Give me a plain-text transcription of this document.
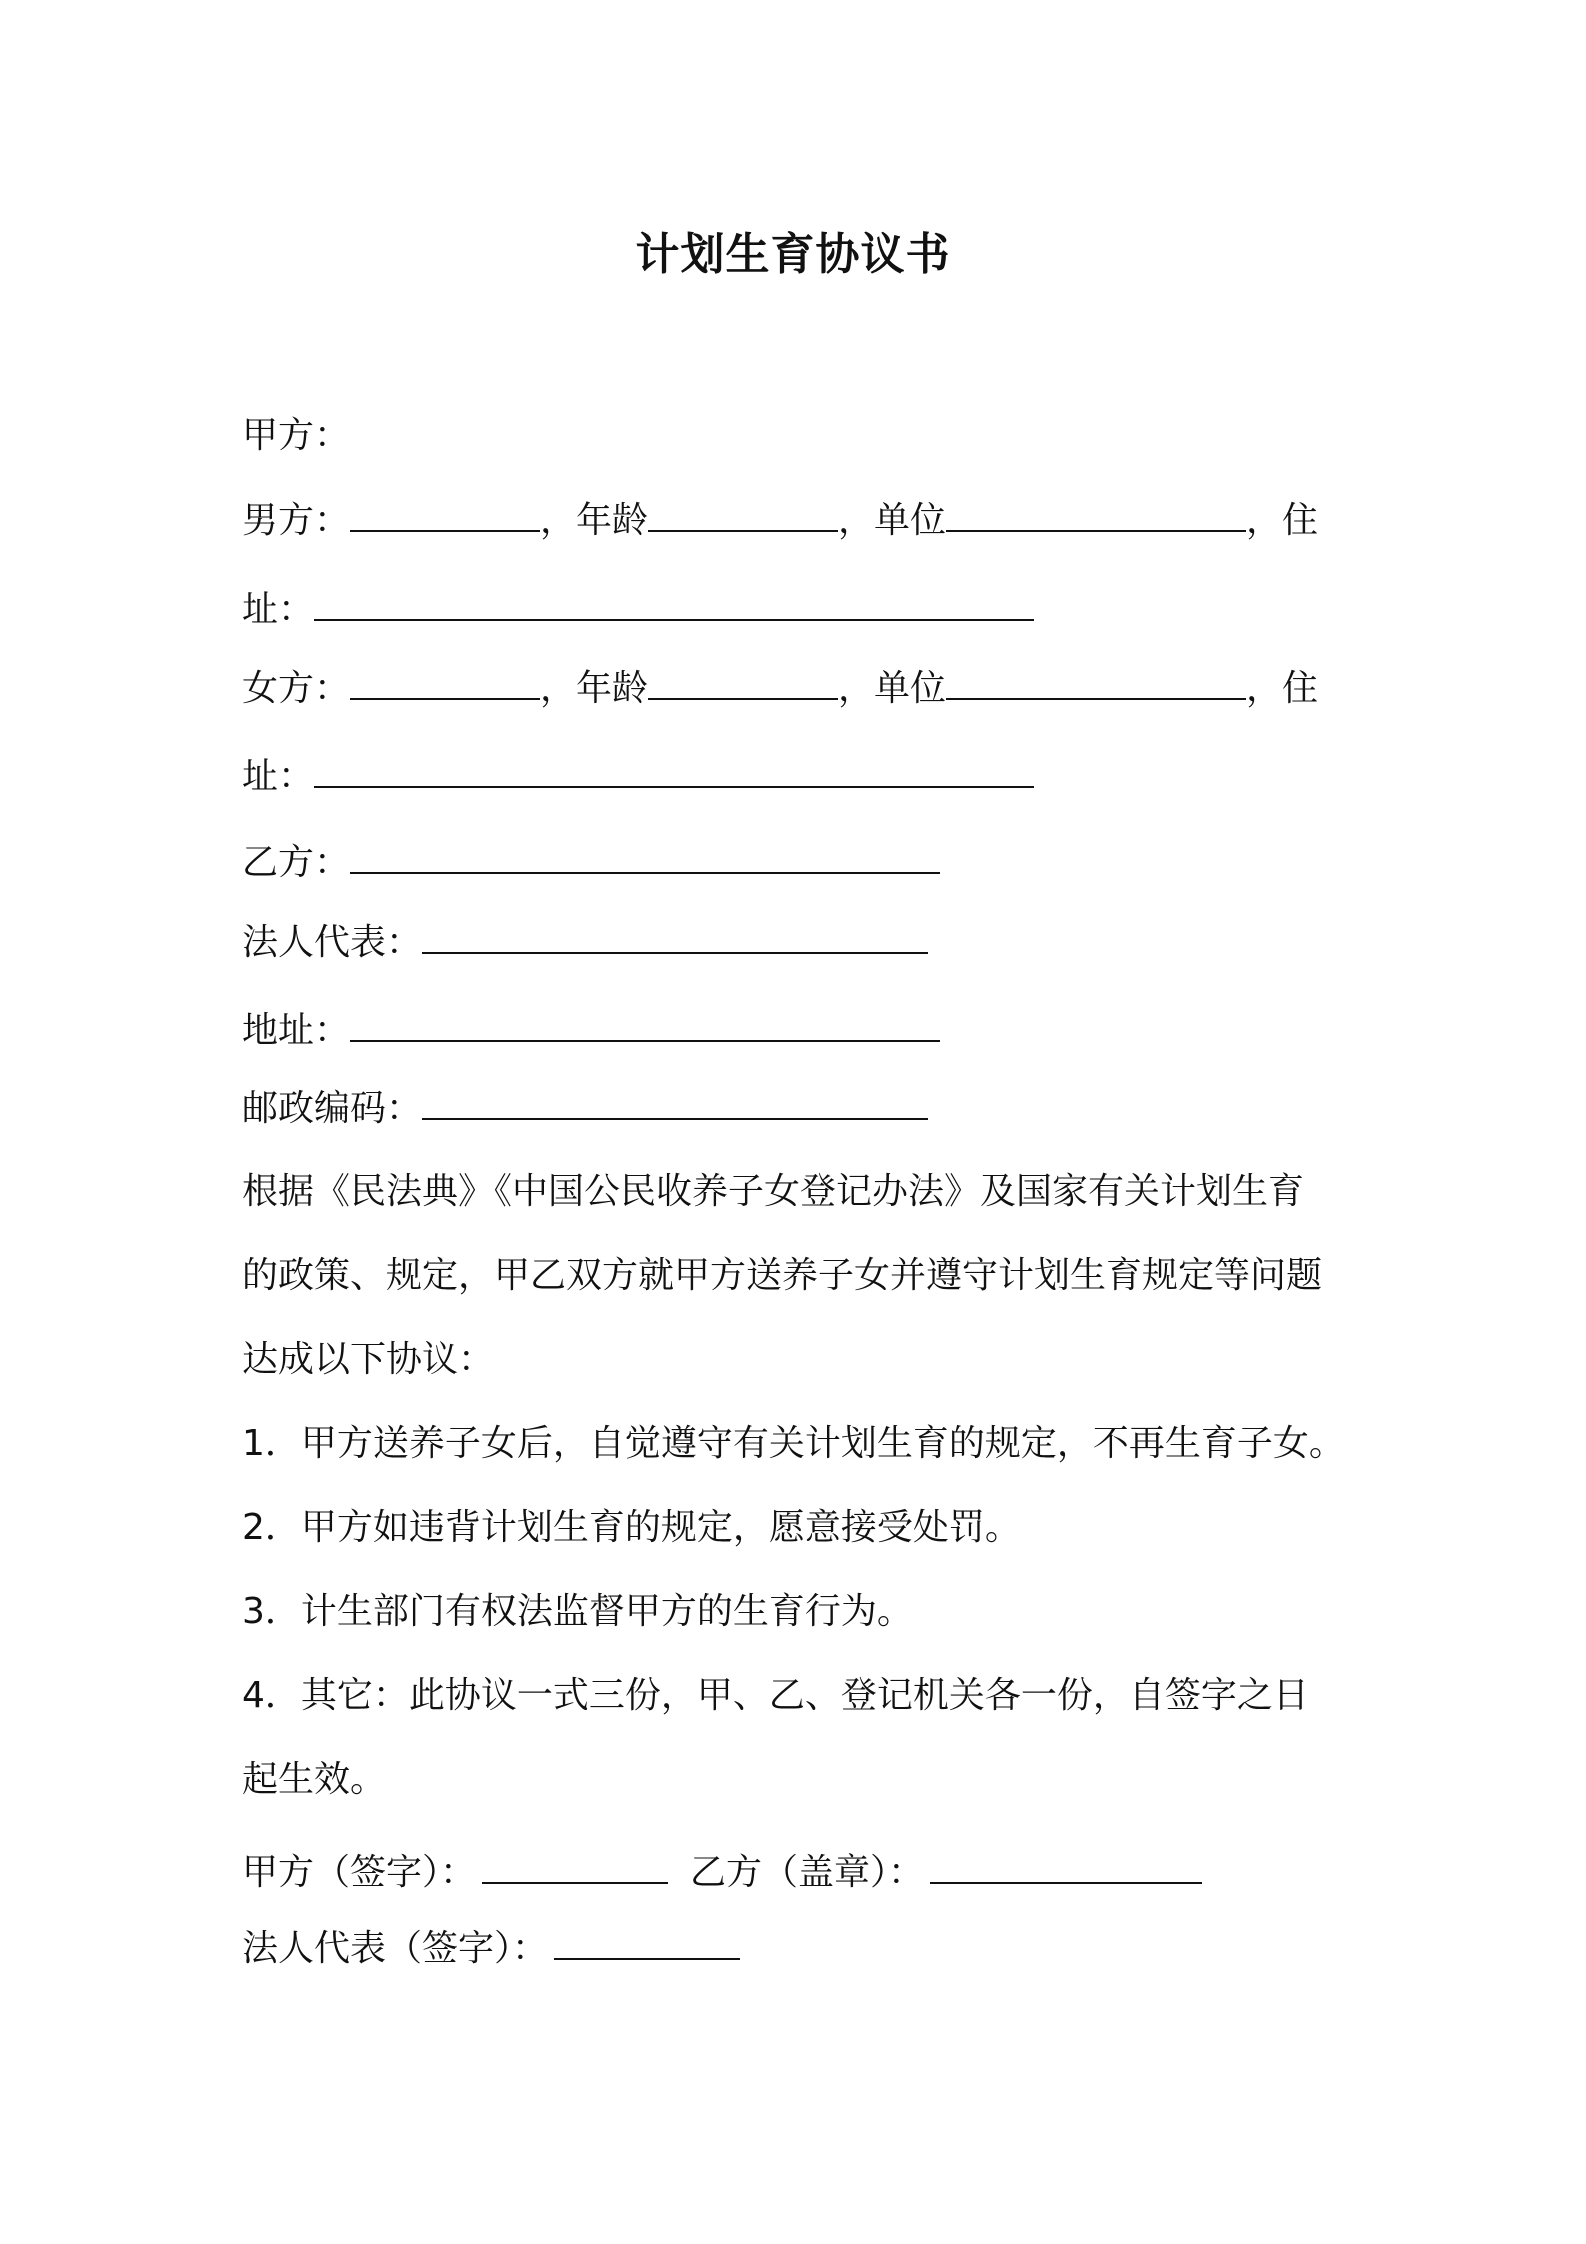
计划生育协议书
甲方：
男方：	，年龄	，单位	，住
址：
女方：	，年龄	，单位	，住
址：
乙方：
法人代表：
地址：
邮政编码：
根据《民法典》《中国公民收养子女登记办法》及国家有关计划生育
的政策、规定，甲乙双方就甲方送养子女并遵守计划生育规定等问题
达成以下协议：
1．甲方送养子女后，自觉遵守有关计划生育的规定，不再生育子女。
2．甲方如违背计划生育的规定，愿意接受处罚。
3．计生部门有权法监督甲方的生育行为。
4．其它：此协议一式三份，甲、乙、登记机关各一份，自签字之日
起生效。
甲方（签字）：	乙方（盖章）：
法人代表（签字）：
